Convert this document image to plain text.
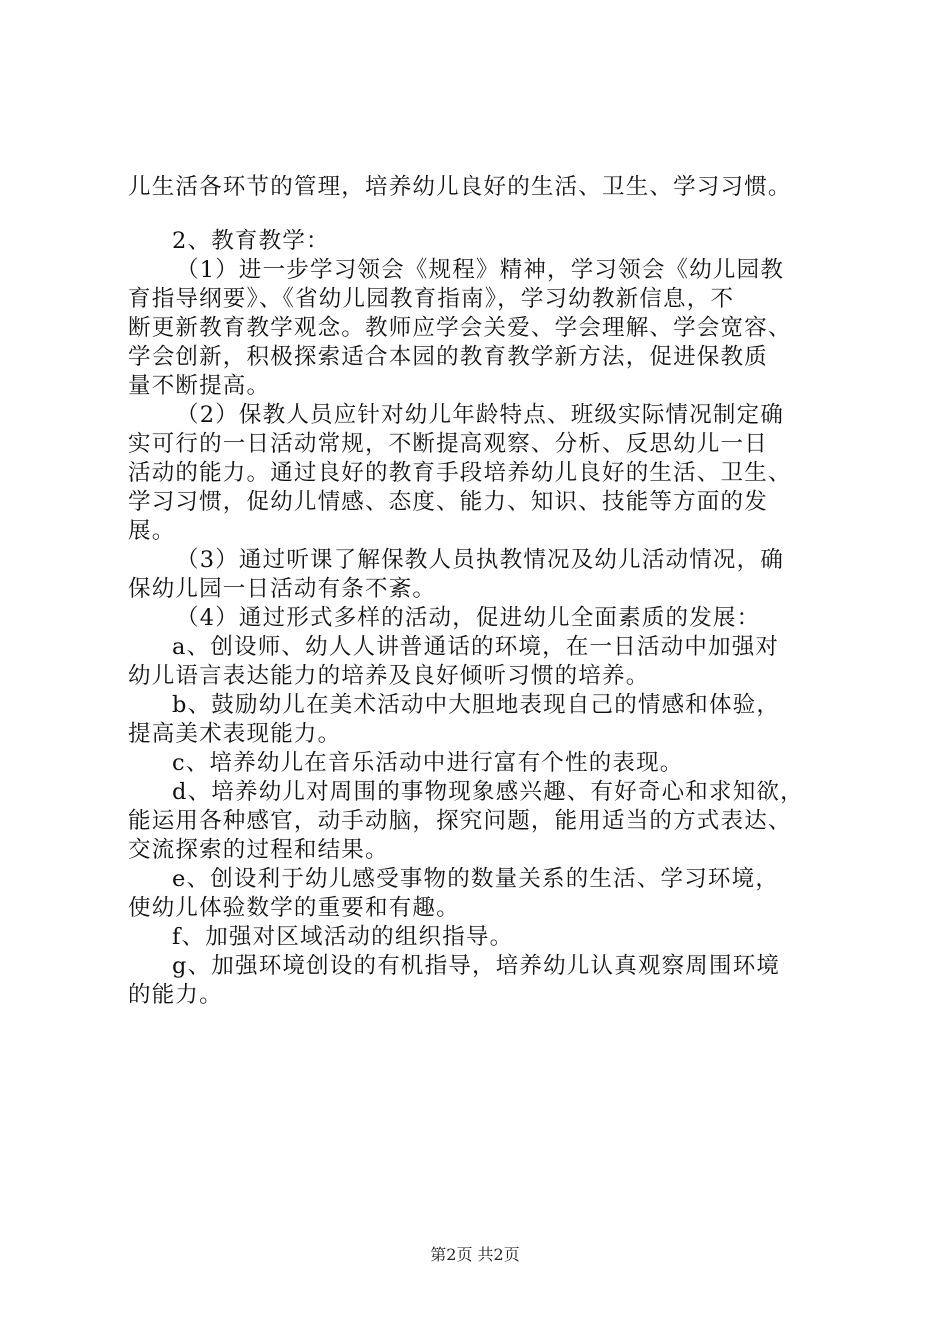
儿生活各环节的管理，培养幼儿良好的生活、卫生、学习习惯。
2、教育教学：
（1）进一步学习领会《规程》精神，学习领会《幼儿园教
育指导纲要》、《省幼儿园教育指南》，学习幼教新信息，不
断更新教育教学观念。教师应学会关爱、学会理解、学会宽容、
学会创新，积极探索适合本园的教育教学新方法，促进保教质
量不断提高。
（2）保教人员应针对幼儿年龄特点、班级实际情况制定确
实可行的一日活动常规，不断提高观察、分析、反思幼儿一日
活动的能力。通过良好的教育手段培养幼儿良好的生活、卫生、
学习习惯，促幼儿情感、态度、能力、知识、技能等方面的发
展。
（3）通过听课了解保教人员执教情况及幼儿活动情况，确
保幼儿园一日活动有条不紊。
（4）通过形式多样的活动，促进幼儿全面素质的发展：
a、创设师、幼人人讲普通话的环境，在一日活动中加强对
幼儿语言表达能力的培养及良好倾听习惯的培养。
b、鼓励幼儿在美术活动中大胆地表现自己的情感和体验，
提高美术表现能力。
c、培养幼儿在音乐活动中进行富有个性的表现。
d、培养幼儿对周围的事物现象感兴趣、有好奇心和求知欲，
能运用各种感官，动手动脑，探究问题，能用适当的方式表达、
交流探索的过程和结果。
e、创设利于幼儿感受事物的数量关系的生活、学习环境，
使幼儿体验数学的重要和有趣。
f、加强对区域活动的组织指导。
g、加强环境创设的有机指导，培养幼儿认真观察周围环境
的能力。
第2页 共2页
